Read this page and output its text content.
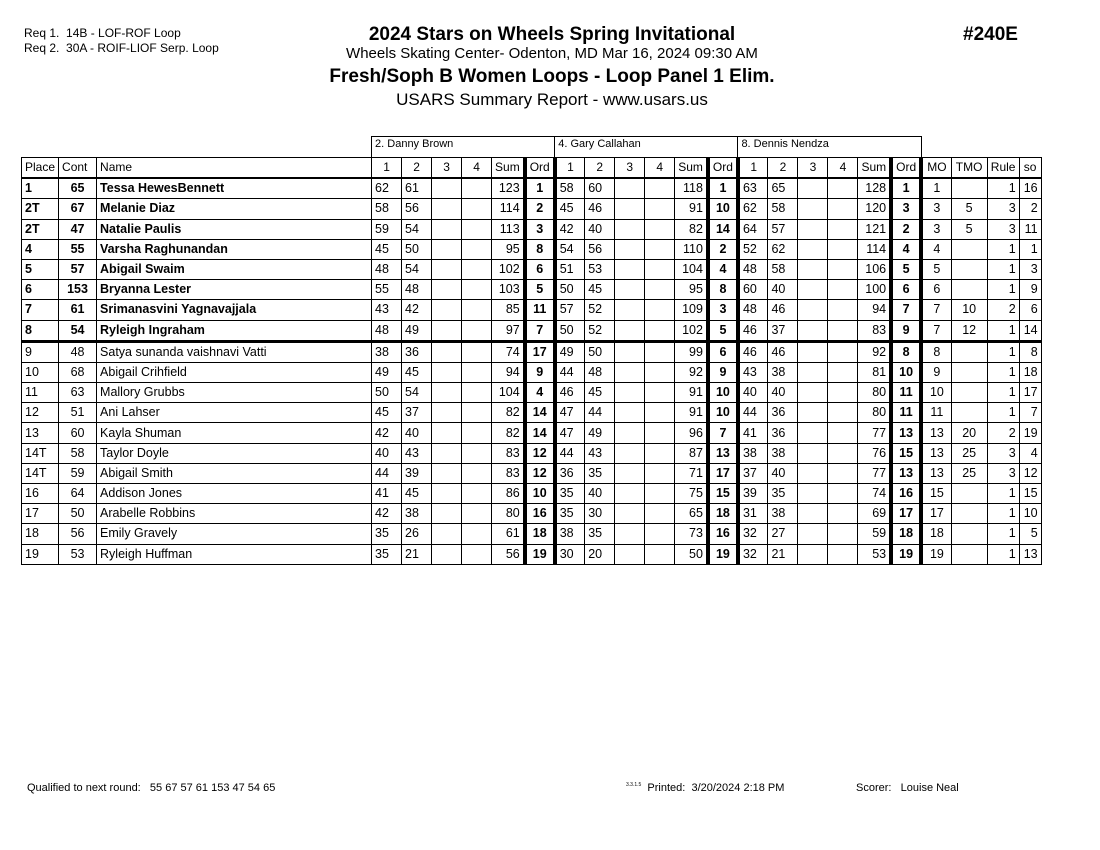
Req 1. 14B - LOF-ROF Loop
Req 2. 30A - ROIF-LIOF Serp. Loop
2024 Stars on Wheels Spring Invitational
Wheels Skating Center- Odenton, MD Mar 16, 2024 09:30 AM
Fresh/Soph B Women Loops - Loop Panel 1 Elim.
USARS Summary Report - www.usars.us
#240E
			2. Danny Brown						4. Gary Callahan						8. Dennis Nendza									
Place	Cont	Name	1	2	3	4	Sum	Ord	1	2	3	4	Sum	Ord	1	2	3	4	Sum	Ord	MO	TMO	Rule	so
1	65	Tessa HewesBennett	62	61			123	1	58	60			118	1	63	65			128	1	1		1	16
2T	67	Melanie Diaz	58	56			114	2	45	46			91	10	62	58			120	3	3	5	3	2
2T	47	Natalie Paulis	59	54			113	3	42	40			82	14	64	57			121	2	3	5	3	11
4	55	Varsha Raghunandan	45	50			95	8	54	56			110	2	52	62			114	4	4		1	1
5	57	Abigail Swaim	48	54			102	6	51	53			104	4	48	58			106	5	5		1	3
6	153	Bryanna Lester	55	48			103	5	50	45			95	8	60	40			100	6	6		1	9
7	61	Srimanasvini Yagnavajjala	43	42			85	11	57	52			109	3	48	46			94	7	7	10	2	6
8	54	Ryleigh Ingraham	48	49			97	7	50	52			102	5	46	37			83	9	7	12	1	14
9	48	Satya sunanda vaishnavi Vatti	38	36			74	17	49	50			99	6	46	46			92	8	8		1	8
10	68	Abigail Crihfield	49	45			94	9	44	48			92	9	43	38			81	10	9		1	18
11	63	Mallory Grubbs	50	54			104	4	46	45			91	10	40	40			80	11	10		1	17
12	51	Ani Lahser	45	37			82	14	47	44			91	10	44	36			80	11	11		1	7
13	60	Kayla Shuman	42	40			82	14	47	49			96	7	41	36			77	13	13	20	2	19
14T	58	Taylor Doyle	40	43			83	12	44	43			87	13	38	38			76	15	13	25	3	4
14T	59	Abigail Smith	44	39			83	12	36	35			71	17	37	40			77	13	13	25	3	12
16	64	Addison Jones	41	45			86	10	35	40			75	15	39	35			74	16	15		1	15
17	50	Arabelle Robbins	42	38			80	16	35	30			65	18	31	38			69	17	17		1	10
18	56	Emily Gravely	35	26			61	18	38	35			73	16	32	27			59	18	18		1	5
19	53	Ryleigh Huffman	35	21			56	19	30	20			50	19	32	21			53	19	19		1	13
Qualified to next round: 55 67 57 61 153 47 54 65	$^{3.3.1.5}$ Printed: 3/20/2024 2:18 PM	Scorer: Louise Neal
